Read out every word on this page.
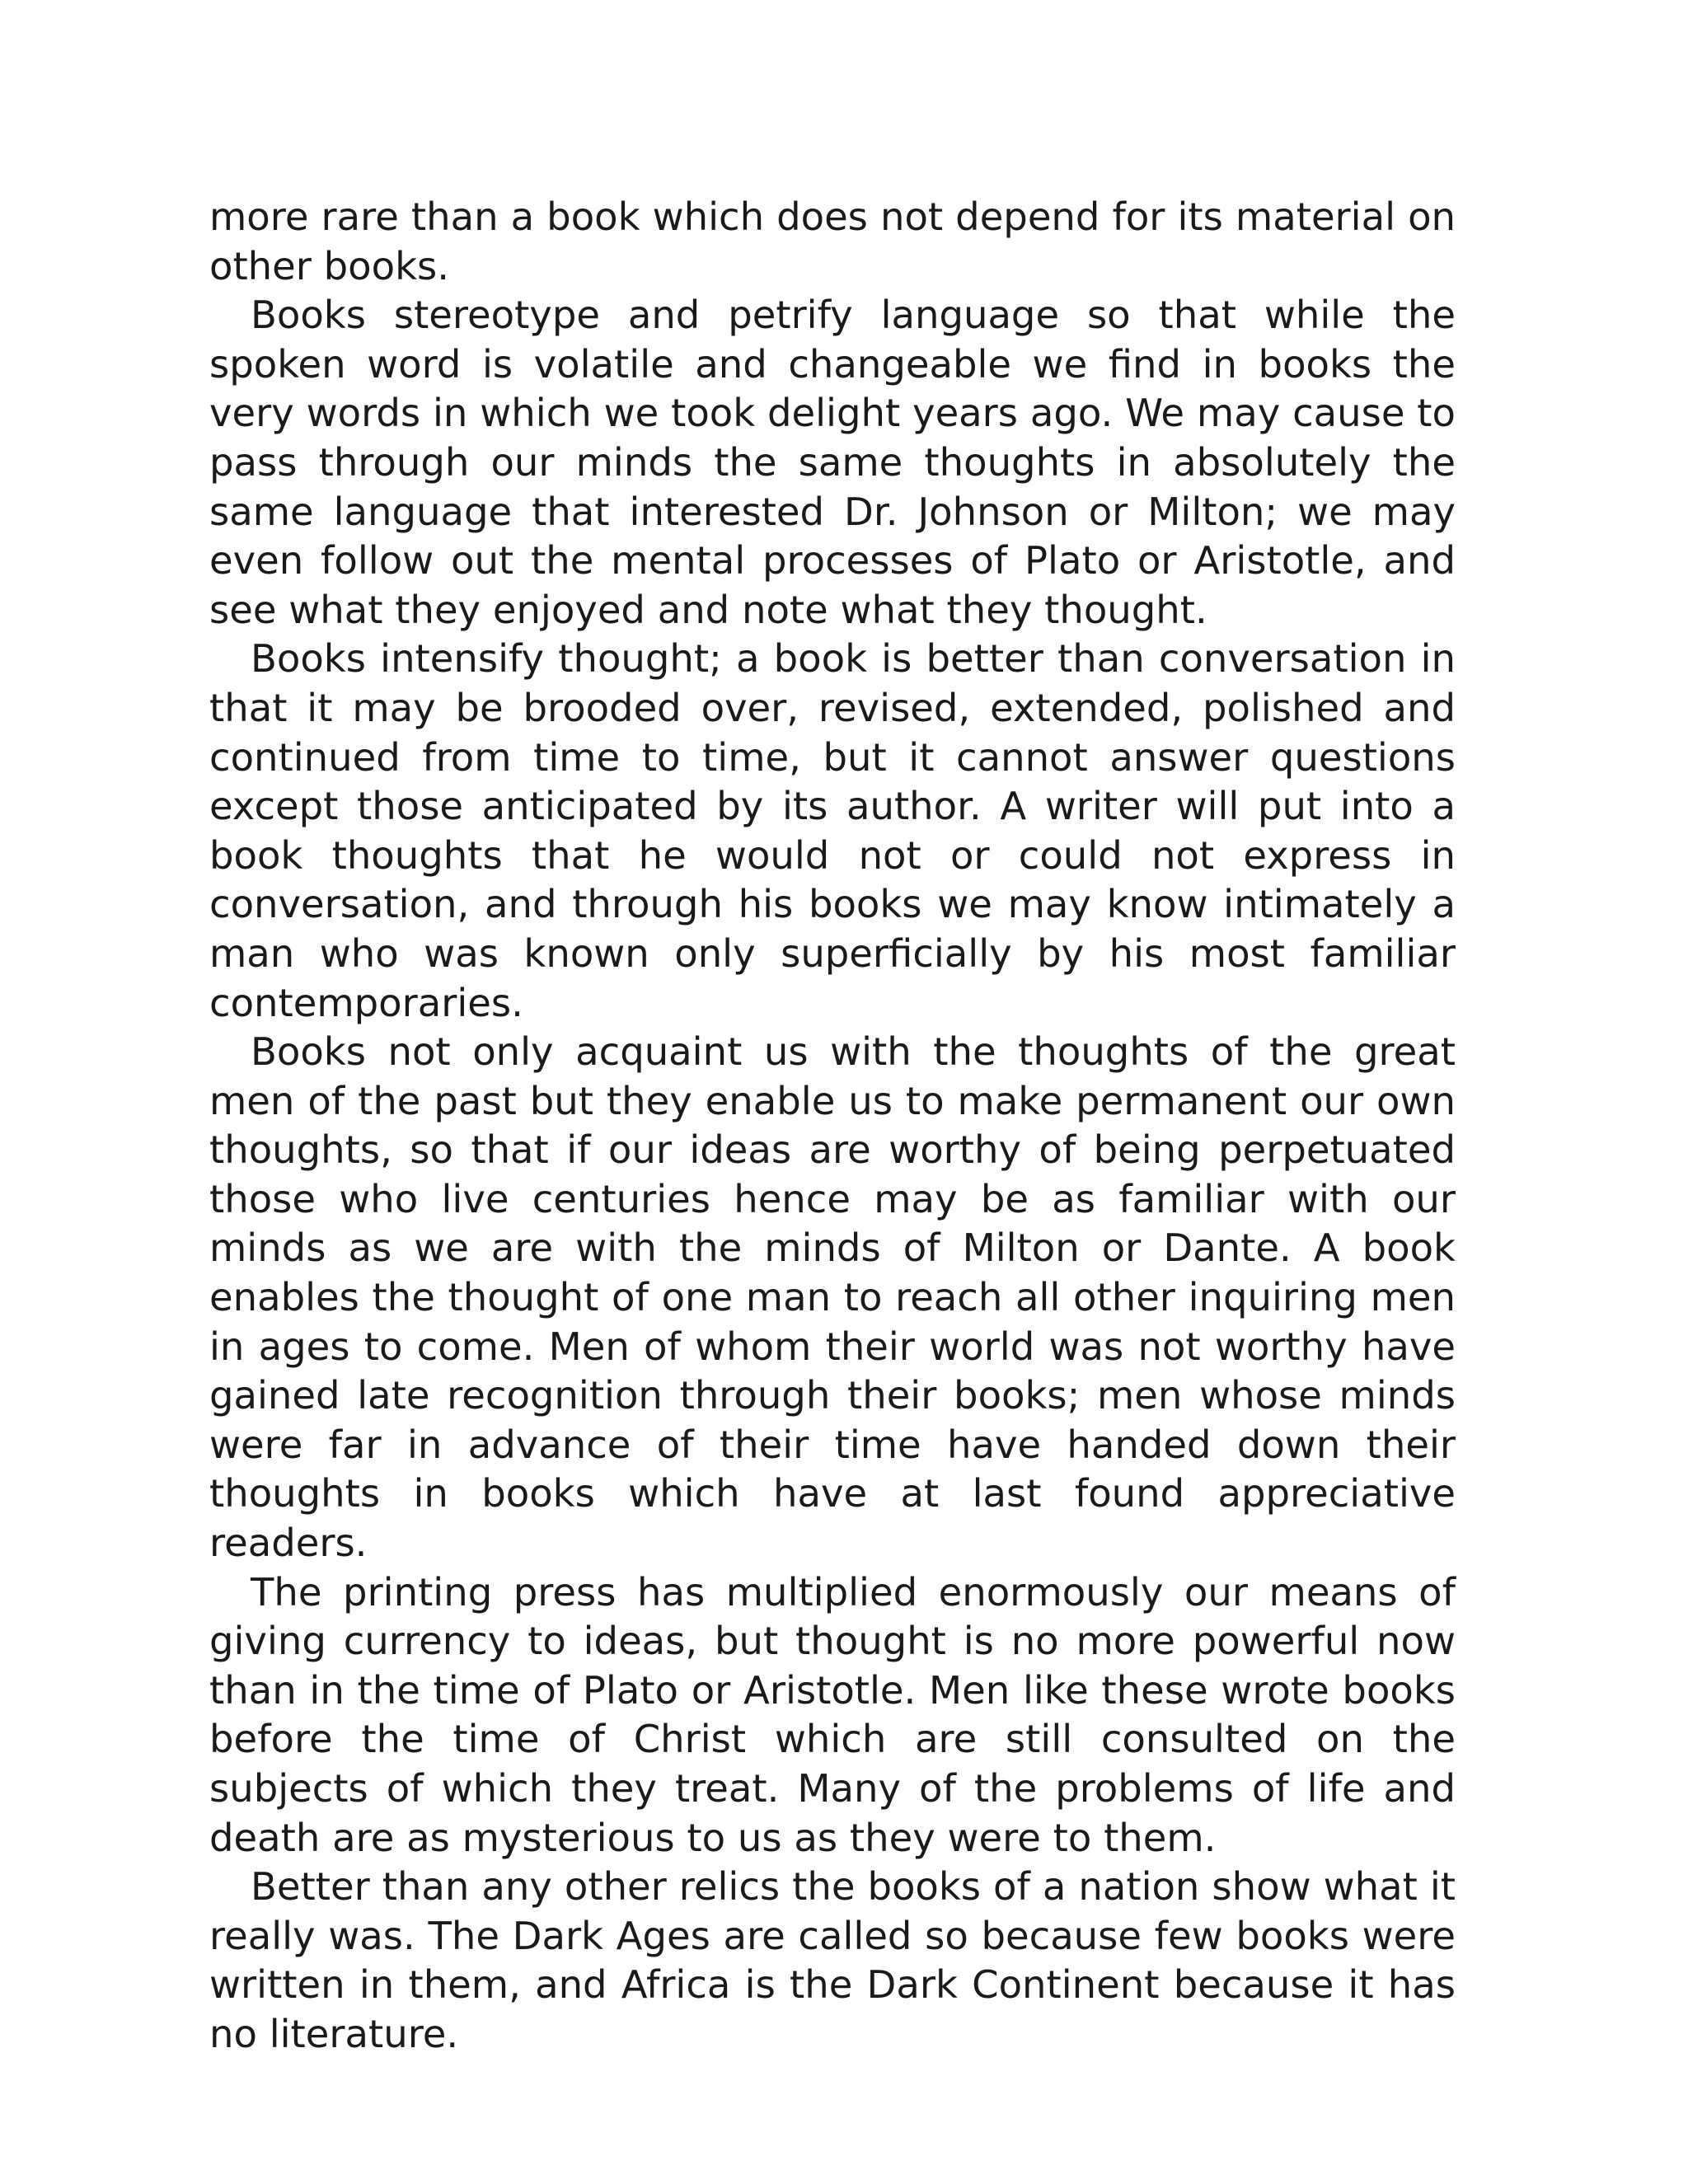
more rare than a book which does not depend for its material on other books.

Books stereotype and petrify language so that while the spoken word is volatile and changeable we find in books the very words in which we took delight years ago. We may cause to pass through our minds the same thoughts in absolutely the same language that interested Dr. Johnson or Milton; we may even follow out the mental processes of Plato or Aristotle, and see what they enjoyed and note what they thought.

Books intensify thought; a book is better than conversation in that it may be brooded over, revised, extended, polished and continued from time to time, but it cannot answer questions except those anticipated by its author. A writer will put into a book thoughts that he would not or could not express in conversation, and through his books we may know intimately a man who was known only superficially by his most familiar contemporaries.

Books not only acquaint us with the thoughts of the great men of the past but they enable us to make permanent our own thoughts, so that if our ideas are worthy of being perpetuated those who live centuries hence may be as familiar with our minds as we are with the minds of Milton or Dante. A book enables the thought of one man to reach all other inquiring men in ages to come. Men of whom their world was not worthy have gained late recognition through their books; men whose minds were far in advance of their time have handed down their thoughts in books which have at last found appreciative readers.

The printing press has multiplied enormously our means of giving currency to ideas, but thought is no more powerful now than in the time of Plato or Aristotle. Men like these wrote books before the time of Christ which are still consulted on the subjects of which they treat. Many of the problems of life and death are as mysterious to us as they were to them.

Better than any other relics the books of a nation show what it really was. The Dark Ages are called so because few books were written in them, and Africa is the Dark Continent because it has no literature.
